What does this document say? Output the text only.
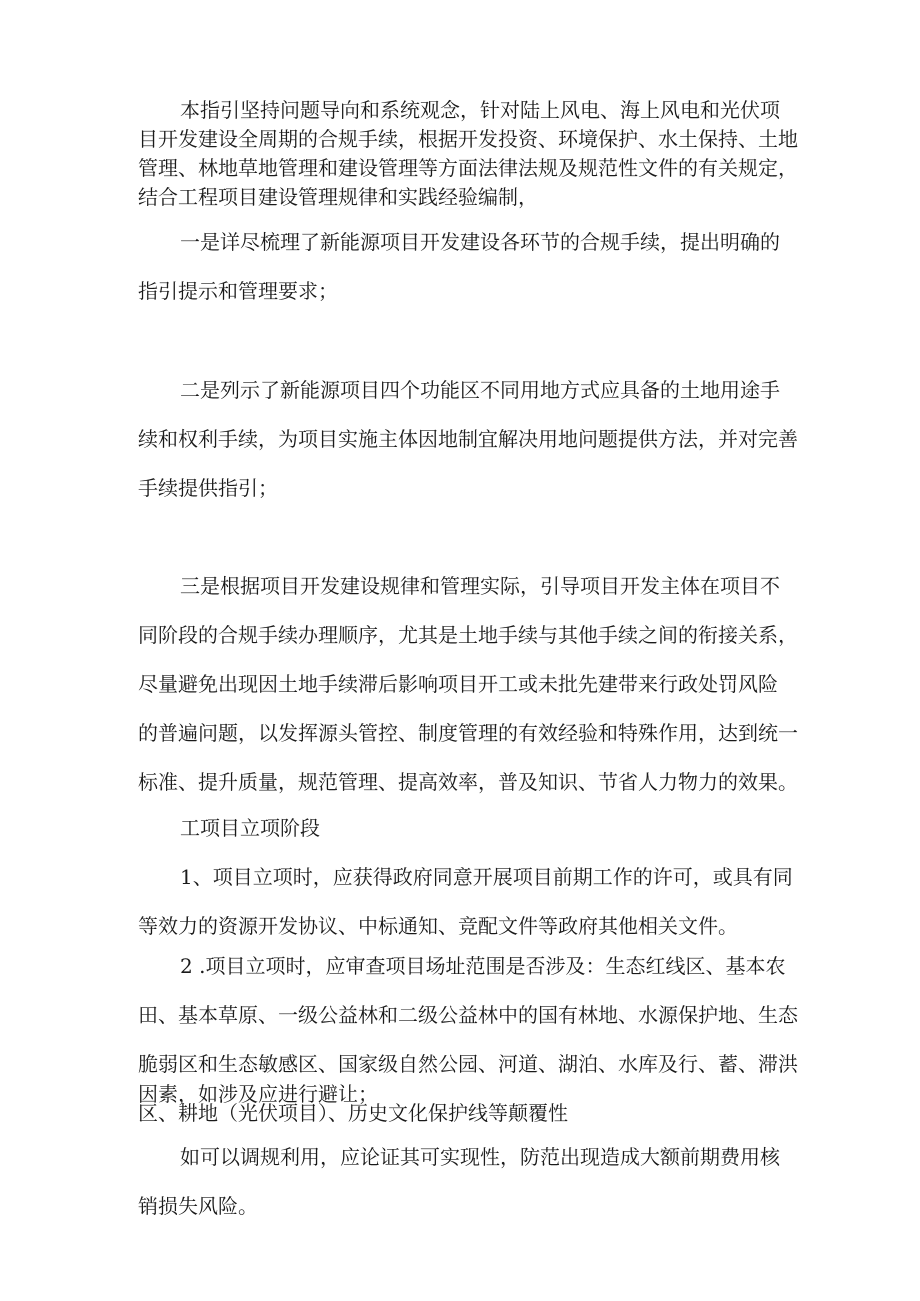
本指引坚持问题导向和系统观念，针对陆上风电、海上风电和光伏项
目开发建设全周期的合规手续，根据开发投资、环境保护、水土保持、土地
管理、林地草地管理和建设管理等方面法律法规及规范性文件的有关规定，
结合工程项目建设管理规律和实践经验编制，

一是详尽梳理了新能源项目开发建设各环节的合规手续，提出明确的
指引提示和管理要求；

二是列示了新能源项目四个功能区不同用地方式应具备的土地用途手
续和权利手续，为项目实施主体因地制宜解决用地问题提供方法，并对完善
手续提供指引；

三是根据项目开发建设规律和管理实际，引导项目开发主体在项目不
同阶段的合规手续办理顺序，尤其是土地手续与其他手续之间的衔接关系，
尽量避免出现因土地手续滞后影响项目开工或未批先建带来行政处罚风险
的普遍问题，以发挥源头管控、制度管理的有效经验和特殊作用，达到统一
标准、提升质量，规范管理、提高效率，普及知识、节省人力物力的效果。

工项目立项阶段

1、项目立项时，应获得政府同意开展项目前期工作的许可，或具有同
等效力的资源开发协议、中标通知、竞配文件等政府其他相关文件。

2 .项目立项时，应审查项目场址范围是否涉及：生态红线区、基本农
田、基本草原、一级公益林和二级公益林中的国有林地、水源保护地、生态
脆弱区和生态敏感区、国家级自然公园、河道、湖泊、水库及行、蓄、滞洪
区、耕地（光伏项目）、历史文化保护线等颠覆性

因素，如涉及应进行避让；

如可以调规利用，应论证其可实现性，防范出现造成大额前期费用核
销损失风险。
